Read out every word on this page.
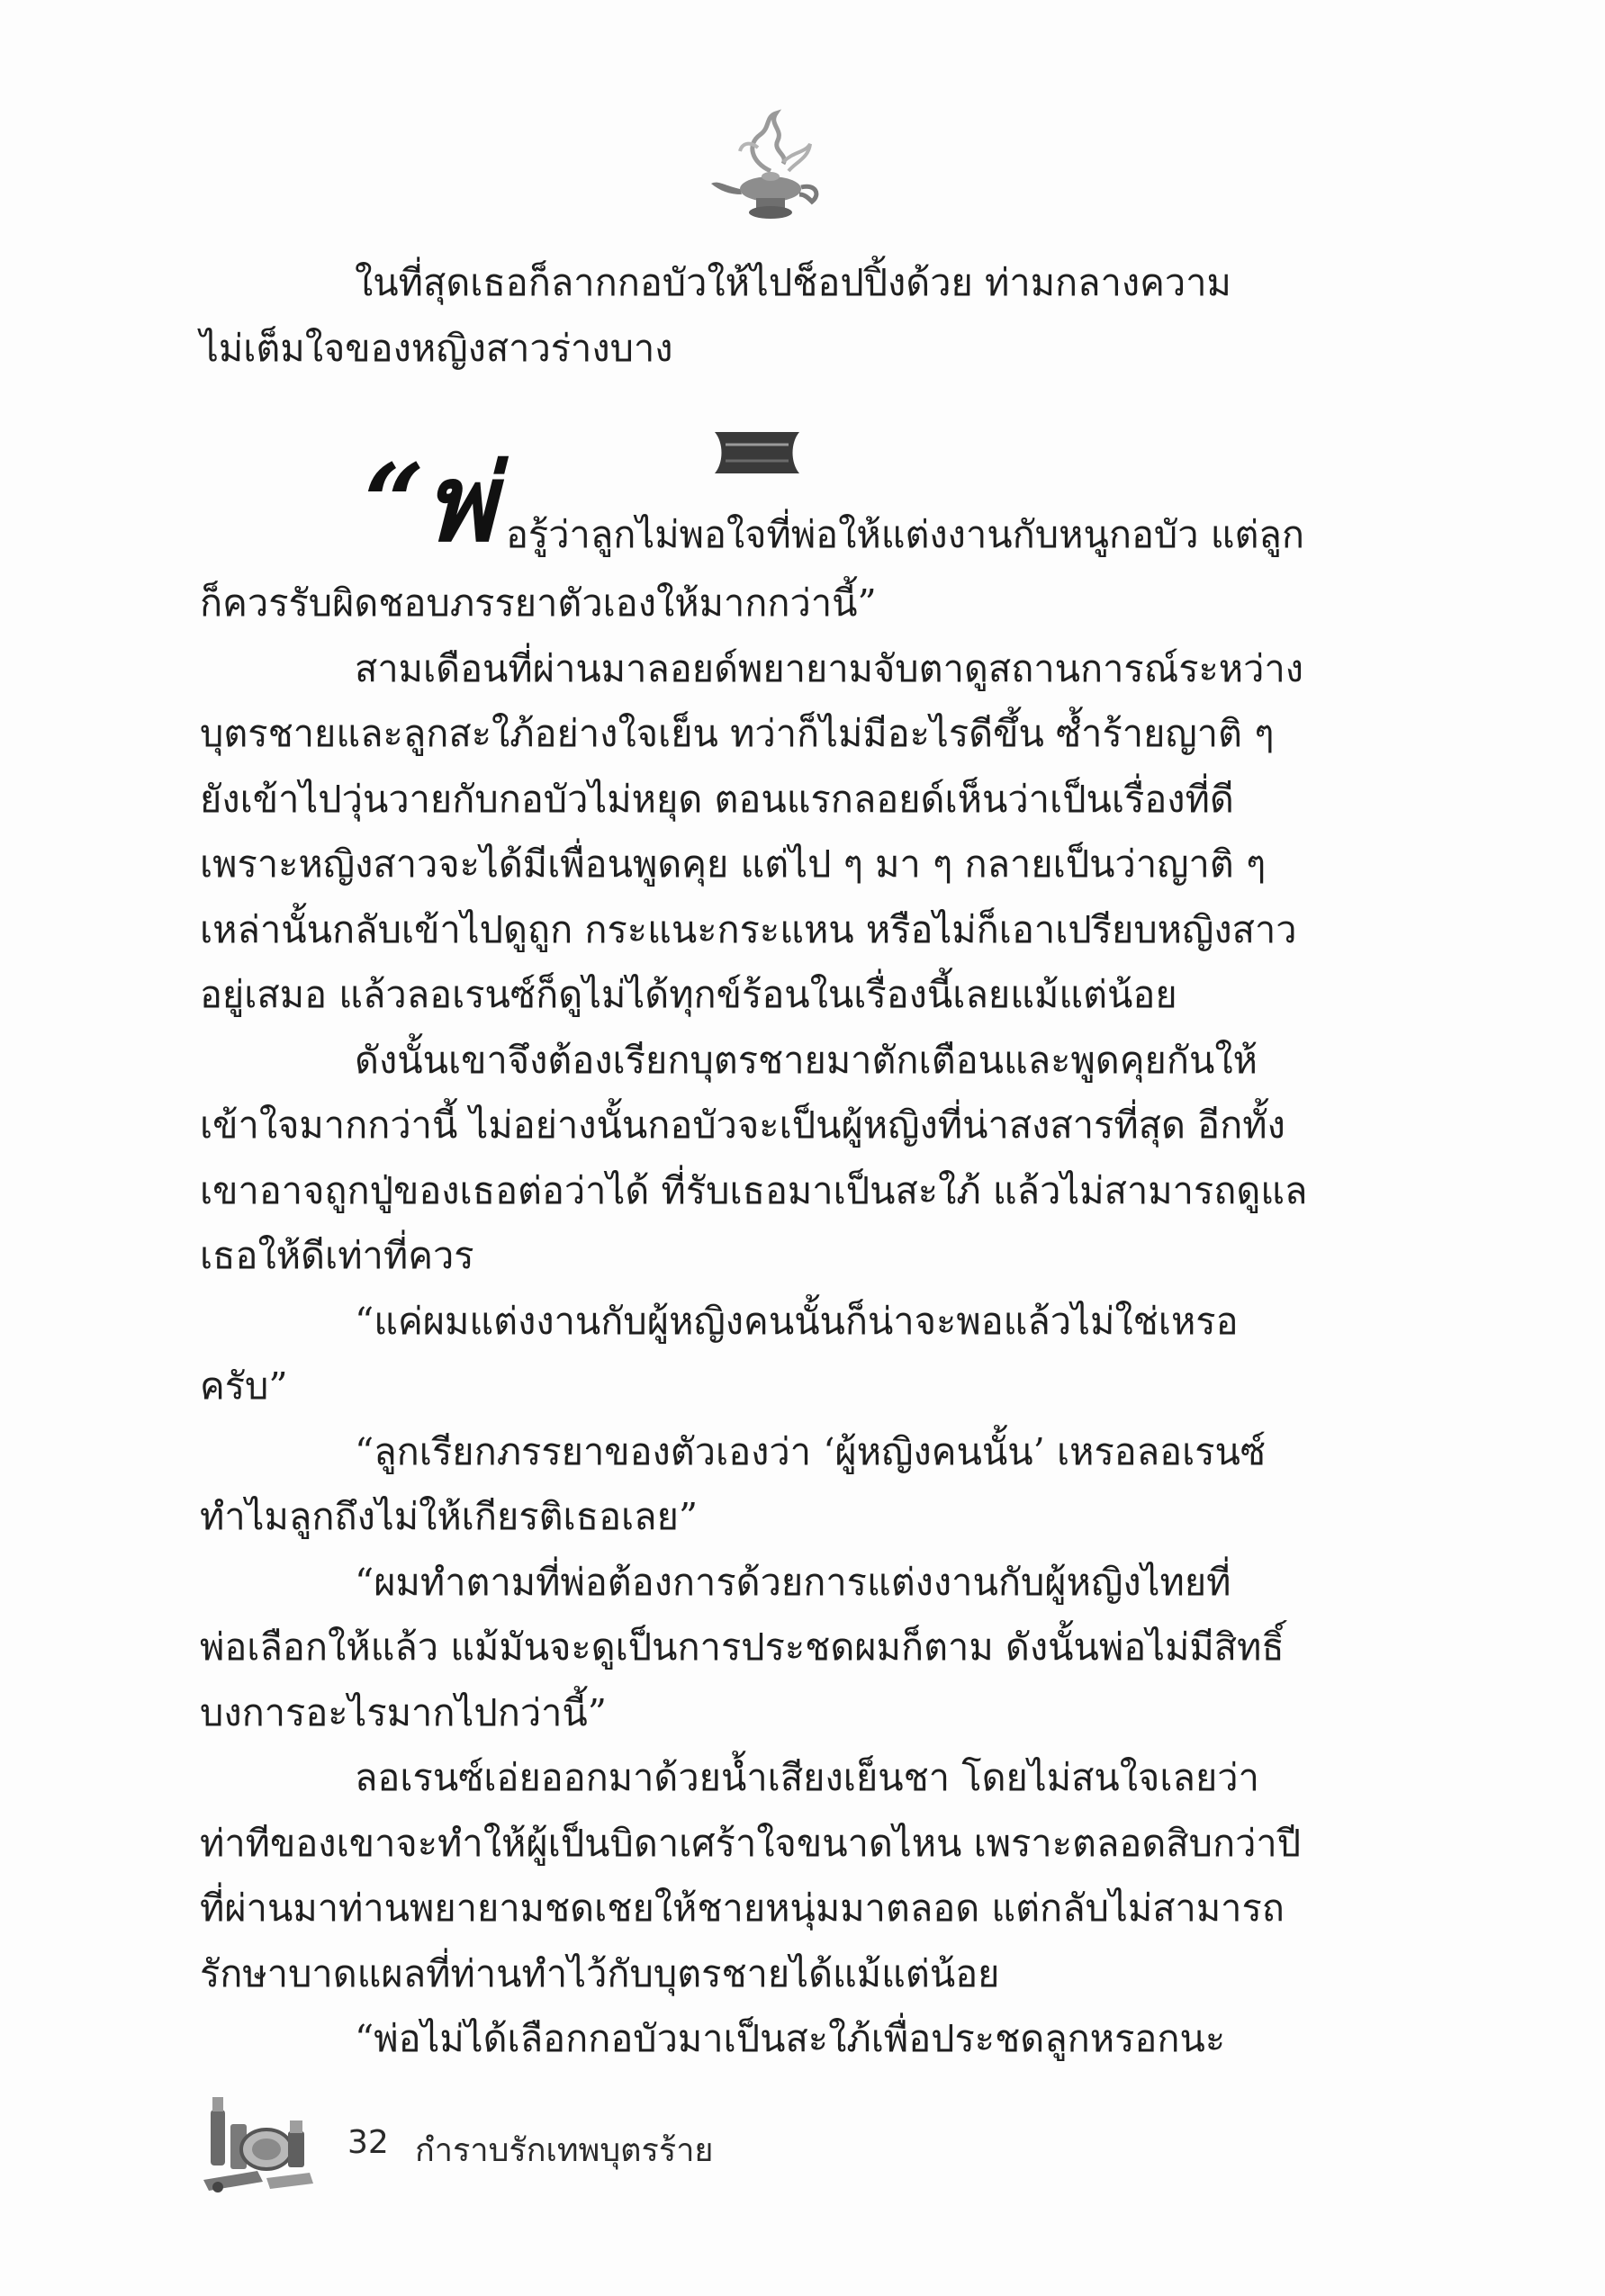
ในที่สุดเธอก็ลากกอบัวให้ไปช็อปปิ้งด้วย ท่ามกลางความ

ไม่เต็มใจของหญิงสาวร่างบาง

“พ่ อรู้ว่าลูกไม่พอใจที่พ่อให้แต่งงานกับหนูกอบัว แต่ลูก

ก็ควรรับผิดชอบภรรยาตัวเองให้มากกว่านี้”

สามเดือนที่ผ่านมาลอยด์พยายามจับตาดูสถานการณ์ระหว่าง

บุตรชายและลูกสะใภ้อย่างใจเย็น ทว่าก็ไม่มีอะไรดีขึ้น ซ้ำร้ายญาติ ๆ

ยังเข้าไปวุ่นวายกับกอบัวไม่หยุด ตอนแรกลอยด์เห็นว่าเป็นเรื่องที่ดี

เพราะหญิงสาวจะได้มีเพื่อนพูดคุย แต่ไป ๆ มา ๆ กลายเป็นว่าญาติ ๆ

เหล่านั้นกลับเข้าไปดูถูก กระแนะกระแหน หรือไม่ก็เอาเปรียบหญิงสาว

อยู่เสมอ แล้วลอเรนซ์ก็ดูไม่ได้ทุกข์ร้อนในเรื่องนี้เลยแม้แต่น้อย

ดังนั้นเขาจึงต้องเรียกบุตรชายมาตักเตือนและพูดคุยกันให้

เข้าใจมากกว่านี้ ไม่อย่างนั้นกอบัวจะเป็นผู้หญิงที่น่าสงสารที่สุด อีกทั้ง

เขาอาจถูกปู่ของเธอต่อว่าได้ ที่รับเธอมาเป็นสะใภ้ แล้วไม่สามารถดูแล

เธอให้ดีเท่าที่ควร

“แค่ผมแต่งงานกับผู้หญิงคนนั้นก็น่าจะพอแล้วไม่ใช่เหรอ

ครับ”

“ลูกเรียกภรรยาของตัวเองว่า ‘ผู้หญิงคนนั้น’ เหรอลอเรนซ์

ทำไมลูกถึงไม่ให้เกียรติเธอเลย”

“ผมทำตามที่พ่อต้องการด้วยการแต่งงานกับผู้หญิงไทยที่

พ่อเลือกให้แล้ว แม้มันจะดูเป็นการประชดผมก็ตาม ดังนั้นพ่อไม่มีสิทธิ์

บงการอะไรมากไปกว่านี้”

ลอเรนซ์เอ่ยออกมาด้วยน้ำเสียงเย็นชา โดยไม่สนใจเลยว่า

ท่าทีของเขาจะทำให้ผู้เป็นบิดาเศร้าใจขนาดไหน เพราะตลอดสิบกว่าปี

ที่ผ่านมาท่านพยายามชดเชยให้ชายหนุ่มมาตลอด แต่กลับไม่สามารถ

รักษาบาดแผลที่ท่านทำไว้กับบุตรชายได้แม้แต่น้อย

“พ่อไม่ได้เลือกกอบัวมาเป็นสะใภ้เพื่อประชดลูกหรอกนะ

32 กำราบรักเทพบุตรร้าย
